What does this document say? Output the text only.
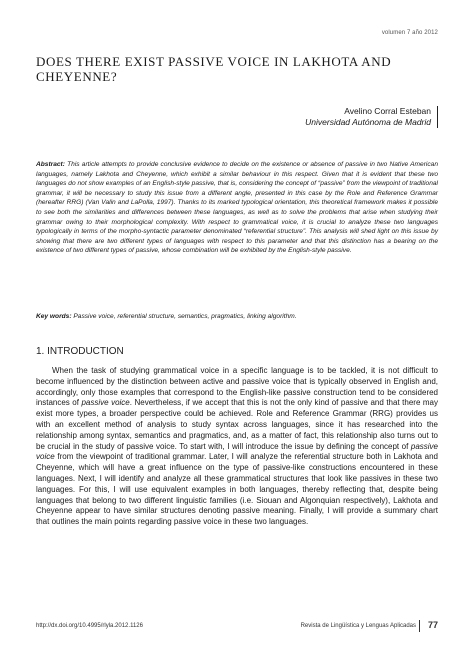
volumen 7 año 2012
DOES THERE EXIST PASSIVE VOICE IN LAKHOTA AND CHEYENNE?
Avelino Corral Esteban
Universidad Autónoma de Madrid
Abstract: This article attempts to provide conclusive evidence to decide on the existence or absence of passive in two Native American languages, namely Lakhota and Cheyenne, which exhibit a similar behaviour in this respect. Given that it is evident that these two languages do not show examples of an English-style passive, that is, considering the concept of “passive” from the viewpoint of traditional grammar, it will be necessary to study this issue from a different angle, presented in this case by the Role and Reference Grammar (hereafter RRG) (Van Valin and LaPolla, 1997). Thanks to its marked typological orientation, this theoretical framework makes it possible to see both the similarities and differences between these languages, as well as to solve the problems that arise when studying their grammar owing to their morphological complexity. With respect to grammatical voice, it is crucial to analyze these two languages typologically in terms of the morpho-syntactic parameter denominated “referential structure”. This analysis will shed light on this issue by showing that there are two different types of languages with respect to this parameter and that this distinction has a bearing on the existence of two different types of passive, whose combination will be exhibited by the English-style passive.
Key words: Passive voice, referential structure, semantics, pragmatics, linking algorithm.
1. INTRODUCTION
When the task of studying grammatical voice in a specific language is to be tackled, it is not difficult to become influenced by the distinction between active and passive voice that is typically observed in English and, accordingly, only those examples that correspond to the English-like passive construction tend to be considered instances of passive voice. Nevertheless, if we accept that this is not the only kind of passive and that there may exist more types, a broader perspective could be achieved. Role and Reference Grammar (RRG) provides us with an excellent method of analysis to study syntax across languages, since it has researched into the relationship among syntax, semantics and pragmatics, and, as a matter of fact, this relationship also turns out to be crucial in the study of passive voice. To start with, I will introduce the issue by defining the concept of passive voice from the viewpoint of traditional grammar. Later, I will analyze the referential structure both in Lakhota and Cheyenne, which will have a great influence on the type of passive-like constructions encountered in these languages. Next, I will identify and analyze all these grammatical structures that look like passives in these two languages. For this, I will use equivalent examples in both languages, thereby reflecting that, despite being languages that belong to two different linguistic families (i.e. Siouan and Algonquian respectively), Lakhota and Cheyenne appear to have similar structures denoting passive meaning. Finally, I will provide a summary chart that outlines the main points regarding passive voice in these two languages.
http://dx.doi.org/10.4995/rlyla.2012.1126	Revista de Lingüística y Lenguas Aplicadas 77
